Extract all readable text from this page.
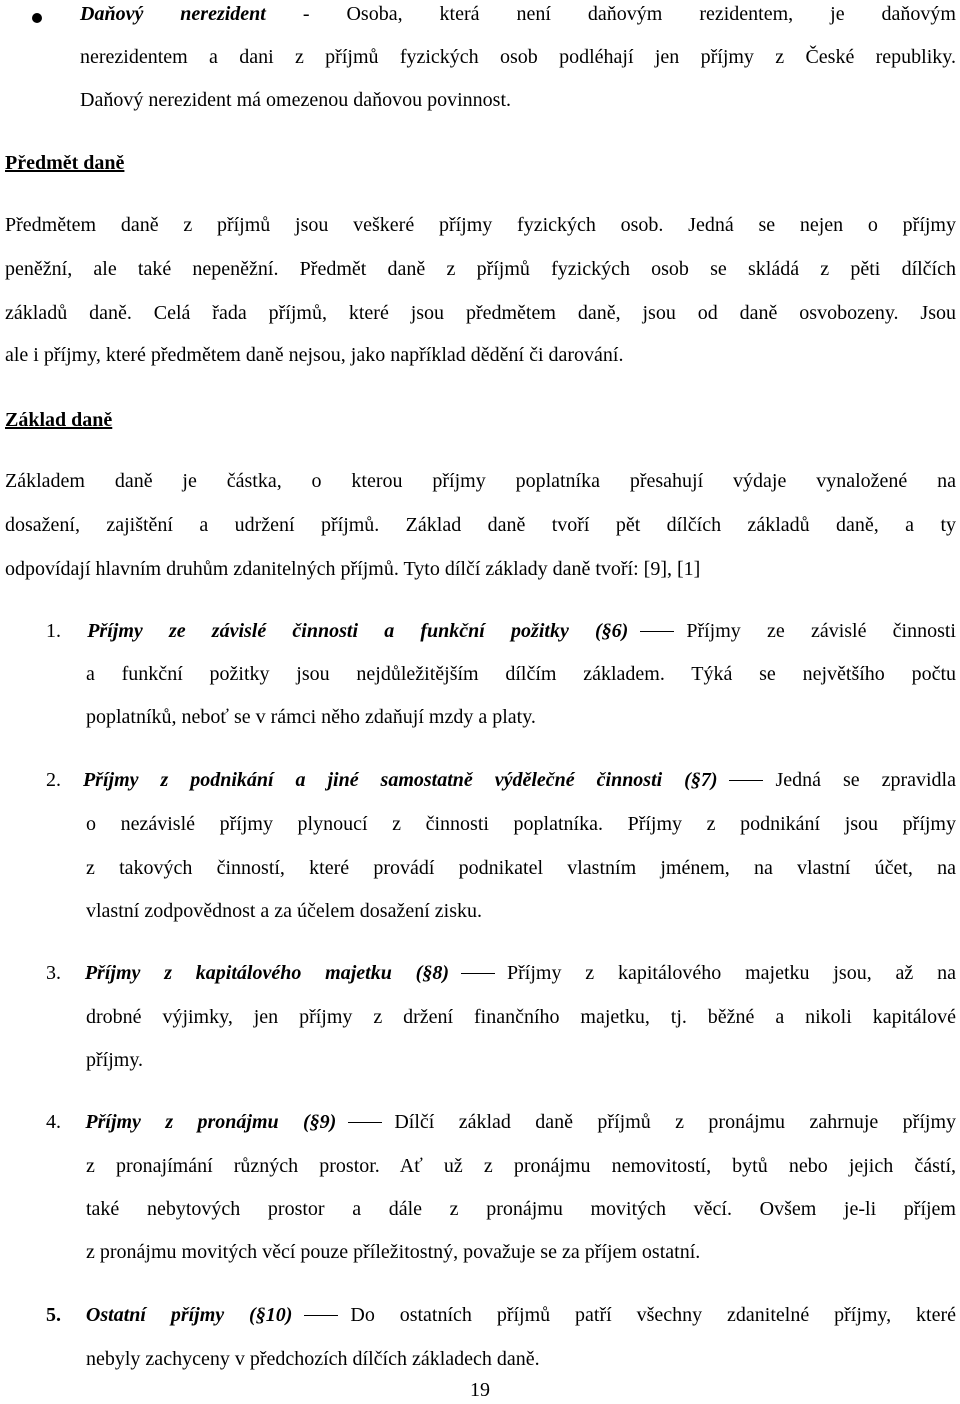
Daňový nerezident - Osoba, která není daňovým rezidentem, je daňovým
nerezidentem a dani z příjmů fyzických osob podléhají jen příjmy z České republiky.
Daňový nerezident má omezenou daňovou povinnost.
Předmět daně
Předmětem daně z příjmů jsou veškeré příjmy fyzických osob. Jedná se nejen o příjmy
peněžní, ale také nepeněžní. Předmět daně z příjmů fyzických osob se skládá z pěti dílčích
základů daně. Celá řada příjmů, které jsou předmětem daně, jsou od daně osvobozeny. Jsou
ale i příjmy, které předmětem daně nejsou, jako například dědění či darování.
Základ daně
Základem daně je částka, o kterou příjmy poplatníka přesahují výdaje vynaložené na
dosažení, zajištění a udržení příjmů. Základ daně tvoří pět dílčích základů daně, a ty
odpovídají hlavním druhům zdanitelných příjmů. Tyto dílčí základy daně tvoří: [9], [1]
1. Příjmy ze závislé činnosti a funkční požitky (§6)	Příjmy ze závislé činnosti
a funkční požitky jsou nejdůležitějším dílčím základem. Týká se největšího počtu
poplatníků, neboť se v rámci něho zdaňují mzdy a platy.
2. Příjmy z podnikání a jiné samostatně výdělečné činnosti (§7)	Jedná se zpravidla
o nezávislé příjmy plynoucí z činnosti poplatníka. Příjmy z podnikání jsou příjmy
z takových činností, které provádí podnikatel vlastním jménem, na vlastní účet, na
vlastní zodpovědnost a za účelem dosažení zisku.
3. Příjmy z kapitálového majetku (§8)	Příjmy z kapitálového majetku jsou, až na
drobné výjimky, jen příjmy z držení finančního majetku, tj. běžné a nikoli kapitálové
příjmy.
4. Příjmy z pronájmu (§9)	Dílčí základ daně příjmů z pronájmu zahrnuje příjmy
z pronajímání různých prostor. Ať už z pronájmu nemovitostí, bytů nebo jejich částí,
také nebytových prostor a dále z pronájmu movitých věcí. Ovšem je-li příjem
z pronájmu movitých věcí pouze příležitostný, považuje se za příjem ostatní.
5. Ostatní příjmy (§10)	Do ostatních příjmů patří všechny zdanitelné příjmy, které
nebyly zachyceny v předchozích dílčích základech daně.
19
